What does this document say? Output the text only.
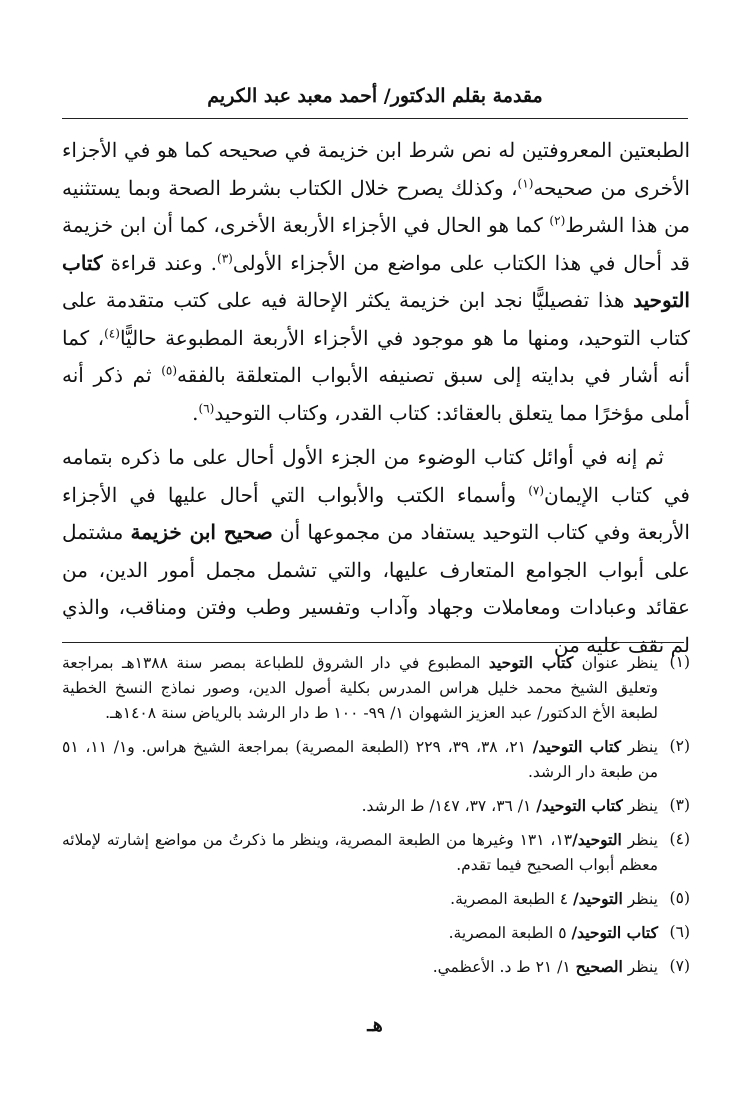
مقدمة بقلم الدكتور/ أحمد معبد عبد الكريم

الطبعتين المعروفتين له نص شرط ابن خزيمة في صحيحه كما هو في الأجزاء الأخرى من صحيحه$^{(١)}$، وكذلك يصرح خلال الكتاب بشرط الصحة وبما يستثنيه من هذا الشرط$^{(٢)}$ كما هو الحال في الأجزاء الأربعة الأخرى، كما أن ابن خزيمة قد أحال في هذا الكتاب على مواضع من الأجزاء الأولى$^{(٣)}$. وعند قراءة كتاب التوحيد هذا تفصيليًّا نجد ابن خزيمة يكثر الإحالة فيه على كتب متقدمة على كتاب التوحيد، ومنها ما هو موجود في الأجزاء الأربعة المطبوعة حاليًّا$^{(٤)}$، كما أنه أشار في بدايته إلى سبق تصنيفه الأبواب المتعلقة بالفقه$^{(٥)}$ ثم ذكر أنه أملى مؤخرًا مما يتعلق بالعقائد: كتاب القدر، وكتاب التوحيد$^{(٦)}$.

ثم إنه في أوائل كتاب الوضوء من الجزء الأول أحال على ما ذكره بتمامه في كتاب الإيمان$^{(٧)}$ وأسماء الكتب والأبواب التي أحال عليها في الأجزاء الأربعة وفي كتاب التوحيد يستفاد من مجموعها أن صحيح ابن خزيمة مشتمل على أبواب الجوامع المتعارف عليها، والتي تشمل مجمل أمور الدين، من عقائد وعبادات ومعاملات وجهاد وآداب وتفسير وطب وفتن ومناقب، والذي لم نقف عليه من

(١)
ينظر عنوان كتاب التوحيد المطبوع في دار الشروق للطباعة بمصر سنة ١٣٨٨هـ بمراجعة وتعليق الشيخ محمد خليل هراس المدرس بكلية أصول الدين، وصور نماذج النسخ الخطية لطبعة الأخ الدكتور/ عبد العزيز الشهوان ١/ ٩٩- ١٠٠ ط دار الرشد بالرياض سنة ١٤٠٨هـ.
(٢)
ينظر كتاب التوحيد/ ٢١، ٣٨، ٣٩، ٢٢٩ (الطبعة المصرية) بمراجعة الشيخ هراس. و١/ ١١، ٥١ من طبعة دار الرشد.
(٣)
ينظر كتاب التوحيد/ ١/ ٣٦، ٣٧، ١٤٧/ ط الرشد.
(٤)
ينظر التوحيد/١٣، ١٣١ وغيرها من الطبعة المصرية، وينظر ما ذكرتُ من مواضع إشارته لإملائه معظم أبواب الصحيح فيما تقدم.
(٥)
ينظر التوحيد/ ٤ الطبعة المصرية.
(٦)
كتاب التوحيد/ ٥ الطبعة المصرية.
(٧)
ينظر الصحيح ١/ ٢١ ط د. الأعظمي.
هـ
